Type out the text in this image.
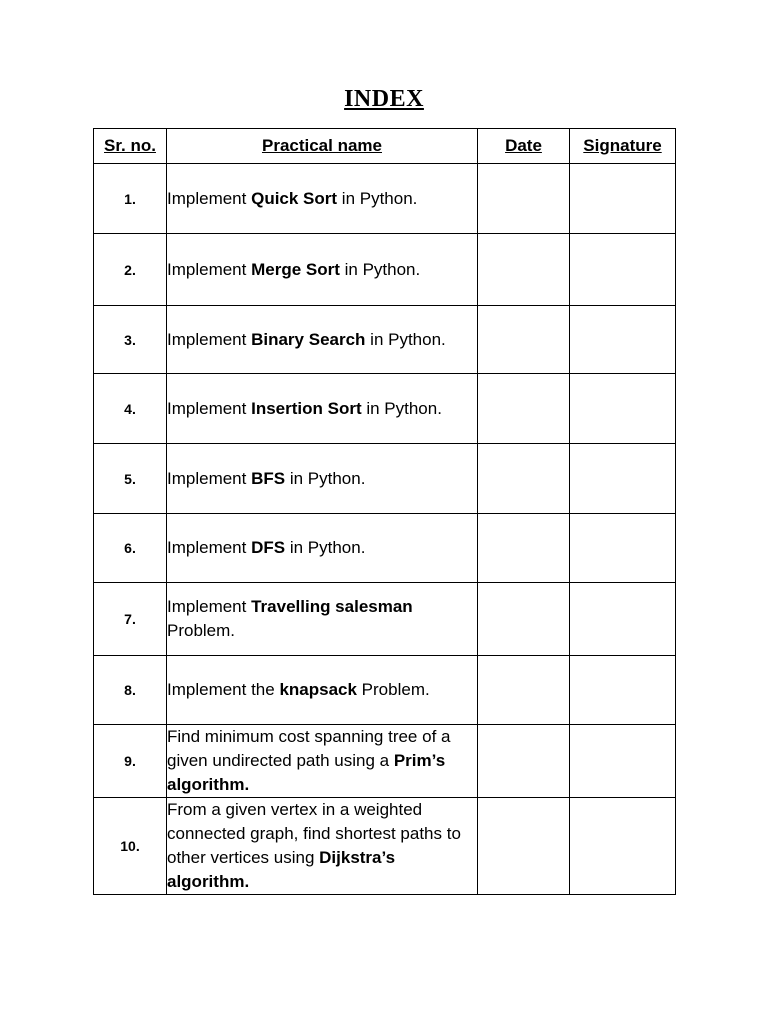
INDEX
Sr. no.	Practical name	Date	Signature
1.	Implement Quick Sort in Python.		
2.	Implement Merge Sort in Python.		
3.	Implement Binary Search in Python.		
4.	Implement Insertion Sort in Python.		
5.	Implement BFS in Python.		
6.	Implement DFS in Python.		
7.	Implement Travelling salesman Problem.		
8.	Implement the knapsack Problem.		
9.	Find minimum cost spanning tree of a given undirected path using a Prim’s algorithm.		
10.	From a given vertex in a weighted connected graph, find shortest paths to other vertices using Dijkstra’s algorithm.		
